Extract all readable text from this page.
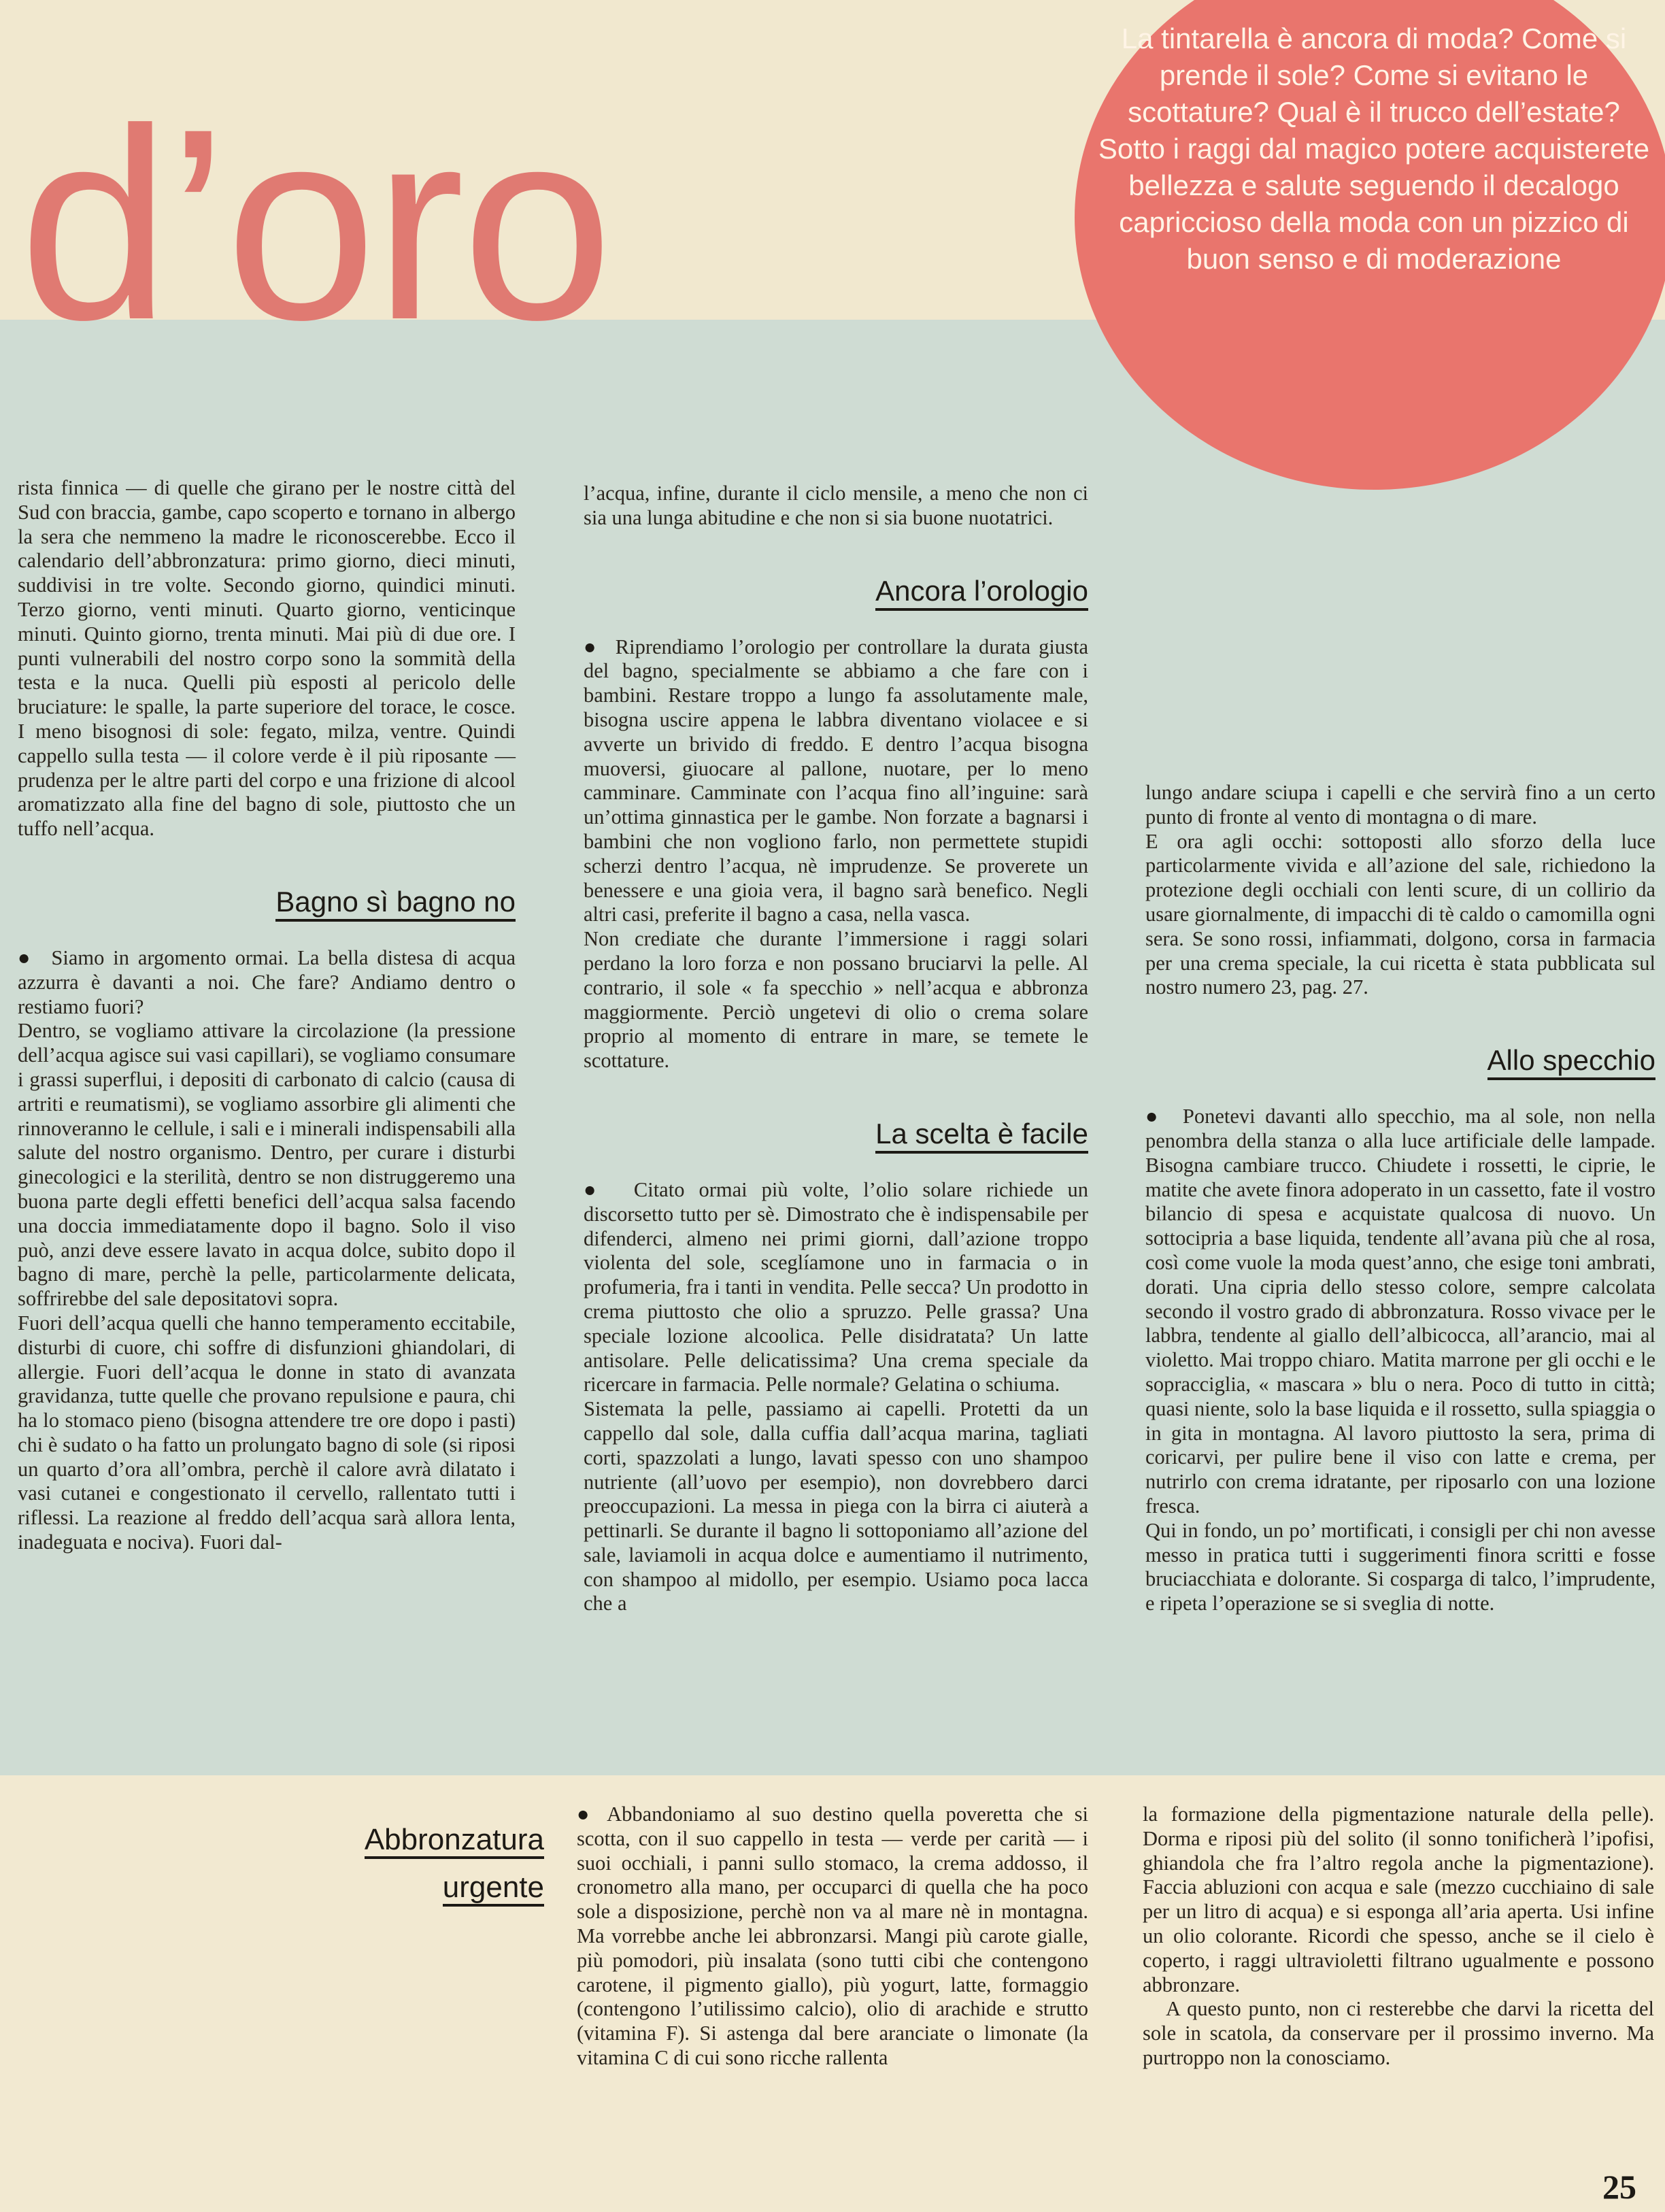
d’oro

La tintarella è ancora di moda? Come si prende il sole? Come si evitano le scottature? Qual è il trucco dell’estate? Sotto i raggi dal magico potere acquisterete bellezza e salute seguendo il decalogo capriccioso della moda con un pizzico di buon senso e di moderazione

rista finnica — di quelle che girano per le nostre città del Sud con braccia, gambe, capo scoperto e tornano in albergo la sera che nemmeno la madre le riconoscerebbe. Ecco il calendario dell’abbronzatura: primo giorno, dieci minuti, suddivisi in tre volte. Secondo giorno, quindici minuti. Terzo giorno, venti minuti. Quarto giorno, venticinque minuti. Quinto giorno, trenta minuti. Mai più di due ore. I punti vulnerabili del nostro corpo sono la sommità della testa e la nuca. Quelli più esposti al pericolo delle bruciature: le spalle, la parte superiore del torace, le cosce. I meno bisognosi di sole: fegato, milza, ventre. Quindi cappello sulla testa — il colore verde è il più riposante — prudenza per le altre parti del corpo e una frizione di alcool aromatizzato alla fine del bagno di sole, piuttosto che un tuffo nell’acqua.

Bagno sì bagno no

● Siamo in argomento ormai. La bella distesa di acqua azzurra è davanti a noi. Che fare? Andiamo dentro o restiamo fuori?

Dentro, se vogliamo attivare la circolazione (la pressione dell’acqua agisce sui vasi capillari), se vogliamo consumare i grassi superflui, i depositi di carbonato di calcio (causa di artriti e reumatismi), se vogliamo assorbire gli alimenti che rinnoveranno le cellule, i sali e i minerali indispensabili alla salute del nostro organismo. Dentro, per curare i disturbi ginecologici e la sterilità, dentro se non distruggeremo una buona parte degli effetti benefici dell’acqua salsa facendo una doccia immediatamente dopo il bagno. Solo il viso può, anzi deve essere lavato in acqua dolce, subito dopo il bagno di mare, perchè la pelle, particolarmente delicata, soffrirebbe del sale depositatovi sopra.

Fuori dell’acqua quelli che hanno temperamento eccitabile, disturbi di cuore, chi soffre di disfunzioni ghiandolari, di allergie. Fuori dell’acqua le donne in stato di avanzata gravidanza, tutte quelle che provano repulsione e paura, chi ha lo stomaco pieno (bisogna attendere tre ore dopo i pasti) chi è sudato o ha fatto un prolungato bagno di sole (si riposi un quarto d’ora all’ombra, perchè il calore avrà dilatato i vasi cutanei e congestionato il cervello, rallentato tutti i riflessi. La reazione al freddo dell’acqua sarà allora lenta, inadeguata e nociva). Fuori dal-

l’acqua, infine, durante il ciclo mensile, a meno che non ci sia una lunga abitudine e che non si sia buone nuotatrici.

Ancora l’orologio

● Riprendiamo l’orologio per controllare la durata giusta del bagno, specialmente se abbiamo a che fare con i bambini. Restare troppo a lungo fa assolutamente male, bisogna uscire appena le labbra diventano violacee e si avverte un brivido di freddo. E dentro l’acqua bisogna muoversi, giuocare al pallone, nuotare, per lo meno camminare. Camminate con l’acqua fino all’inguine: sarà un’ottima ginnastica per le gambe. Non forzate a bagnarsi i bambini che non vogliono farlo, non permettete stupidi scherzi dentro l’acqua, nè imprudenze. Se proverete un benessere e una gioia vera, il bagno sarà benefico. Negli altri casi, preferite il bagno a casa, nella vasca.

Non crediate che durante l’immersione i raggi solari perdano la loro forza e non possano bruciarvi la pelle. Al contrario, il sole « fa specchio » nell’acqua e abbronza maggiormente. Perciò ungetevi di olio o crema solare proprio al momento di entrare in mare, se temete le scottature.

La scelta è facile

● Citato ormai più volte, l’olio solare richiede un discorsetto tutto per sè. Dimostrato che è indispensabile per difenderci, almeno nei primi giorni, dall’azione troppo violenta del sole, sceglíamone uno in farmacia o in profumeria, fra i tanti in vendita. Pelle secca? Un prodotto in crema piuttosto che olio a spruzzo. Pelle grassa? Una speciale lozione alcoolica. Pelle disidratata? Un latte antisolare. Pelle delicatissima? Una crema speciale da ricercare in farmacia. Pelle normale? Gelatina o schiuma.

Sistemata la pelle, passiamo ai capelli. Protetti da un cappello dal sole, dalla cuffia dall’acqua marina, tagliati corti, spazzolati a lungo, lavati spesso con uno shampoo nutriente (all’uovo per esempio), non dovrebbero darci preoccupazioni. La messa in piega con la birra ci aiuterà a pettinarli. Se durante il bagno li sottoponiamo all’azione del sale, laviamoli in acqua dolce e aumentiamo il nutrimento, con shampoo al midollo, per esempio. Usiamo poca lacca che a

lungo andare sciupa i capelli e che servirà fino a un certo punto di fronte al vento di montagna o di mare.

E ora agli occhi: sottoposti allo sforzo della luce particolarmente vivida e all’azione del sale, richiedono la protezione degli occhiali con lenti scure, di un collirio da usare giornalmente, di impacchi di tè caldo o camomilla ogni sera. Se sono rossi, infiammati, dolgono, corsa in farmacia per una crema speciale, la cui ricetta è stata pubblicata sul nostro numero 23, pag. 27.

Allo specchio

● Ponetevi davanti allo specchio, ma al sole, non nella penombra della stanza o alla luce artificiale delle lampade. Bisogna cambiare trucco. Chiudete i rossetti, le ciprie, le matite che avete finora adoperato in un cassetto, fate il vostro bilancio di spesa e acquistate qualcosa di nuovo. Un sottocipria a base liquida, tendente all’avana più che al rosa, così come vuole la moda quest’anno, che esige toni ambrati, dorati. Una cipria dello stesso colore, sempre calcolata secondo il vostro grado di abbronzatura. Rosso vivace per le labbra, tendente al giallo dell’albicocca, all’arancio, mai al violetto. Mai troppo chiaro. Matita marrone per gli occhi e le sopracciglia, « mascara » blu o nera. Poco di tutto in città; quasi niente, solo la base liquida e il rossetto, sulla spiaggia o in gita in montagna. Al lavoro piuttosto la sera, prima di coricarvi, per pulire bene il viso con latte e crema, per nutrirlo con crema idratante, per riposarlo con una lozione fresca.

Qui in fondo, un po’ mortificati, i consigli per chi non avesse messo in pratica tutti i suggerimenti finora scritti e fosse bruciacchiata e dolorante. Si cosparga di talco, l’imprudente, e ripeta l’operazione se si sveglia di notte.

Abbronzatura
urgente

● Abbandoniamo al suo destino quella poveretta che si scotta, con il suo cappello in testa — verde per carità — i suoi occhiali, i panni sullo stomaco, la crema addosso, il cronometro alla mano, per occuparci di quella che ha poco sole a disposizione, perchè non va al mare nè in montagna. Ma vorrebbe anche lei abbronzarsi. Mangi più carote gialle, più pomodori, più insalata (sono tutti cibi che contengono carotene, il pigmento giallo), più yogurt, latte, formaggio (contengono l’utilissimo calcio), olio di arachide e strutto (vitamina F). Si astenga dal bere aranciate o limonate (la vitamina C di cui sono ricche rallenta

la formazione della pigmentazione naturale della pelle). Dorma e riposi più del solito (il sonno tonificherà l’ipofisi, ghiandola che fra l’altro regola anche la pigmentazione). Faccia abluzioni con acqua e sale (mezzo cucchiaino di sale per un litro di acqua) e si esponga all’aria aperta. Usi infine un olio colorante. Ricordi che spesso, anche se il cielo è coperto, i raggi ultravioletti filtrano ugualmente e possono abbronzare.

A questo punto, non ci resterebbe che darvi la ricetta del sole in scatola, da conservare per il prossimo inverno. Ma purtroppo non la conosciamo.

25
